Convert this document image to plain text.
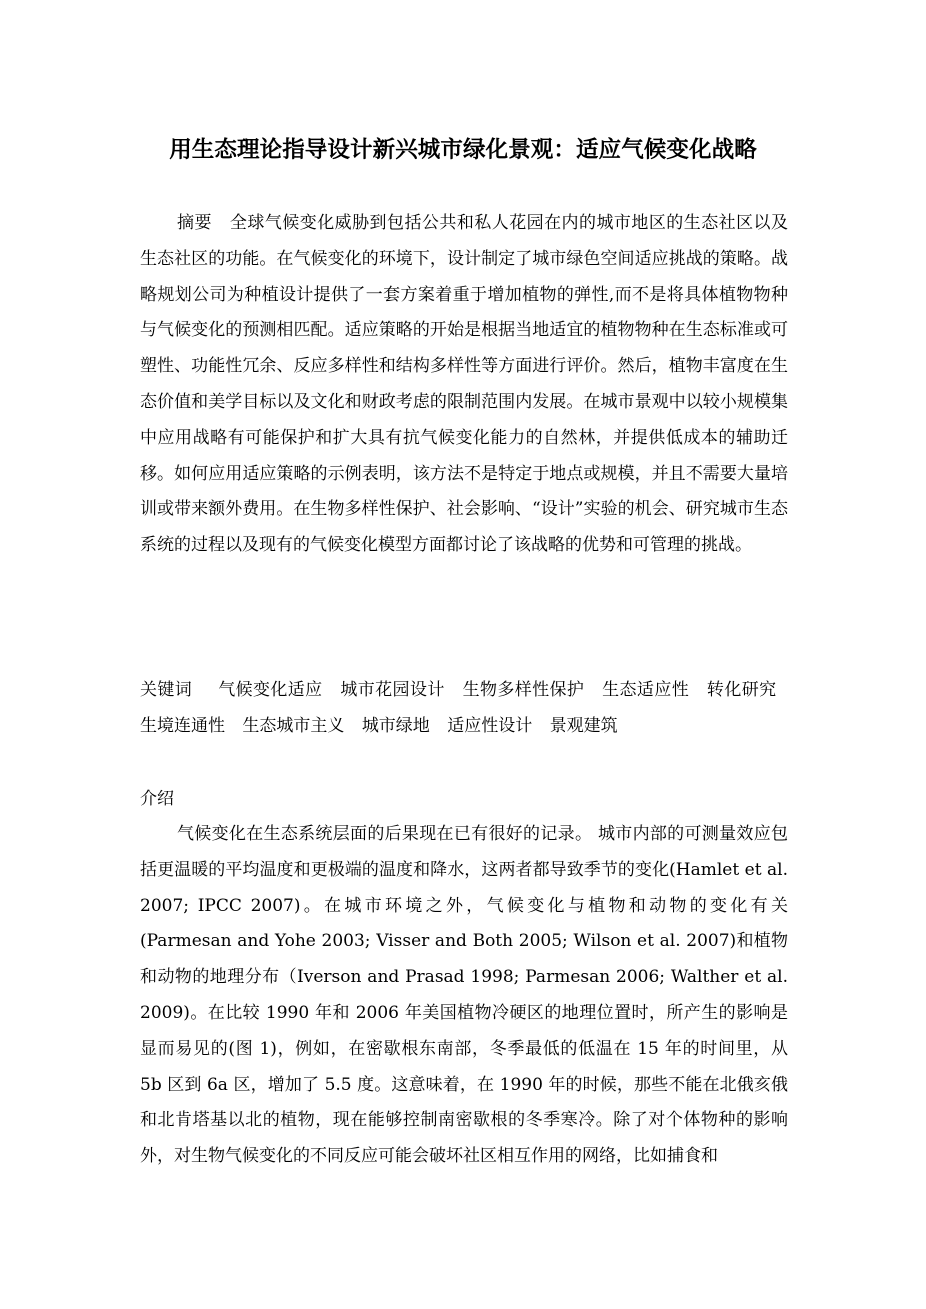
用生态理论指导设计新兴城市绿化景观：适应气候变化战略

摘要 全球气候变化威胁到包括公共和私人花园在内的城市地区的生态社区以及生态社区的功能。在气候变化的环境下，设计制定了城市绿色空间适应挑战的策略。战略规划公司为种植设计提供了一套方案着重于增加植物的弹性,而不是将具体植物物种与气候变化的预测相匹配。适应策略的开始是根据当地适宜的植物物种在生态标准或可塑性、功能性冗余、反应多样性和结构多样性等方面进行评价。然后，植物丰富度在生态价值和美学目标以及文化和财政考虑的限制范围内发展。在城市景观中以较小规模集中应用战略有可能保护和扩大具有抗气候变化能力的自然林，并提供低成本的辅助迁移。如何应用适应策略的示例表明，该方法不是特定于地点或规模，并且不需要大量培训或带来额外费用。在生物多样性保护、社会影响、“设计”实验的机会、研究城市生态系统的过程以及现有的气候变化模型方面都讨论了该战略的优势和可管理的挑战。

关键词 气候变化适应 城市花园设计 生物多样性保护 生态适应性 转化研究 生境连通性 生态城市主义 城市绿地 适应性设计 景观建筑

介绍

气候变化在生态系统层面的后果现在已有很好的记录。 城市内部的可测量效应包括更温暖的平均温度和更极端的温度和降水，这两者都导致季节的变化(Hamlet et al. 2007; IPCC 2007)。在城市环境之外，气候变化与植物和动物的变化有关(Parmesan and Yohe 2003; Visser and Both 2005; Wilson et al. 2007)和植物和动物的地理分布（Iverson and Prasad 1998; Parmesan 2006; Walther et al. 2009)。在比较 1990 年和 2006 年美国植物冷硬区的地理位置时，所产生的影响是显而易见的(图 1)，例如，在密歇根东南部，冬季最低的低温在 15 年的时间里，从 5b 区到 6a 区，增加了 5.5 度。这意味着，在 1990 年的时候，那些不能在北俄亥俄和北肯塔基以北的植物，现在能够控制南密歇根的冬季寒冷。除了对个体物种的影响外，对生物气候变化的不同反应可能会破坏社区相互作用的网络，比如捕食和
